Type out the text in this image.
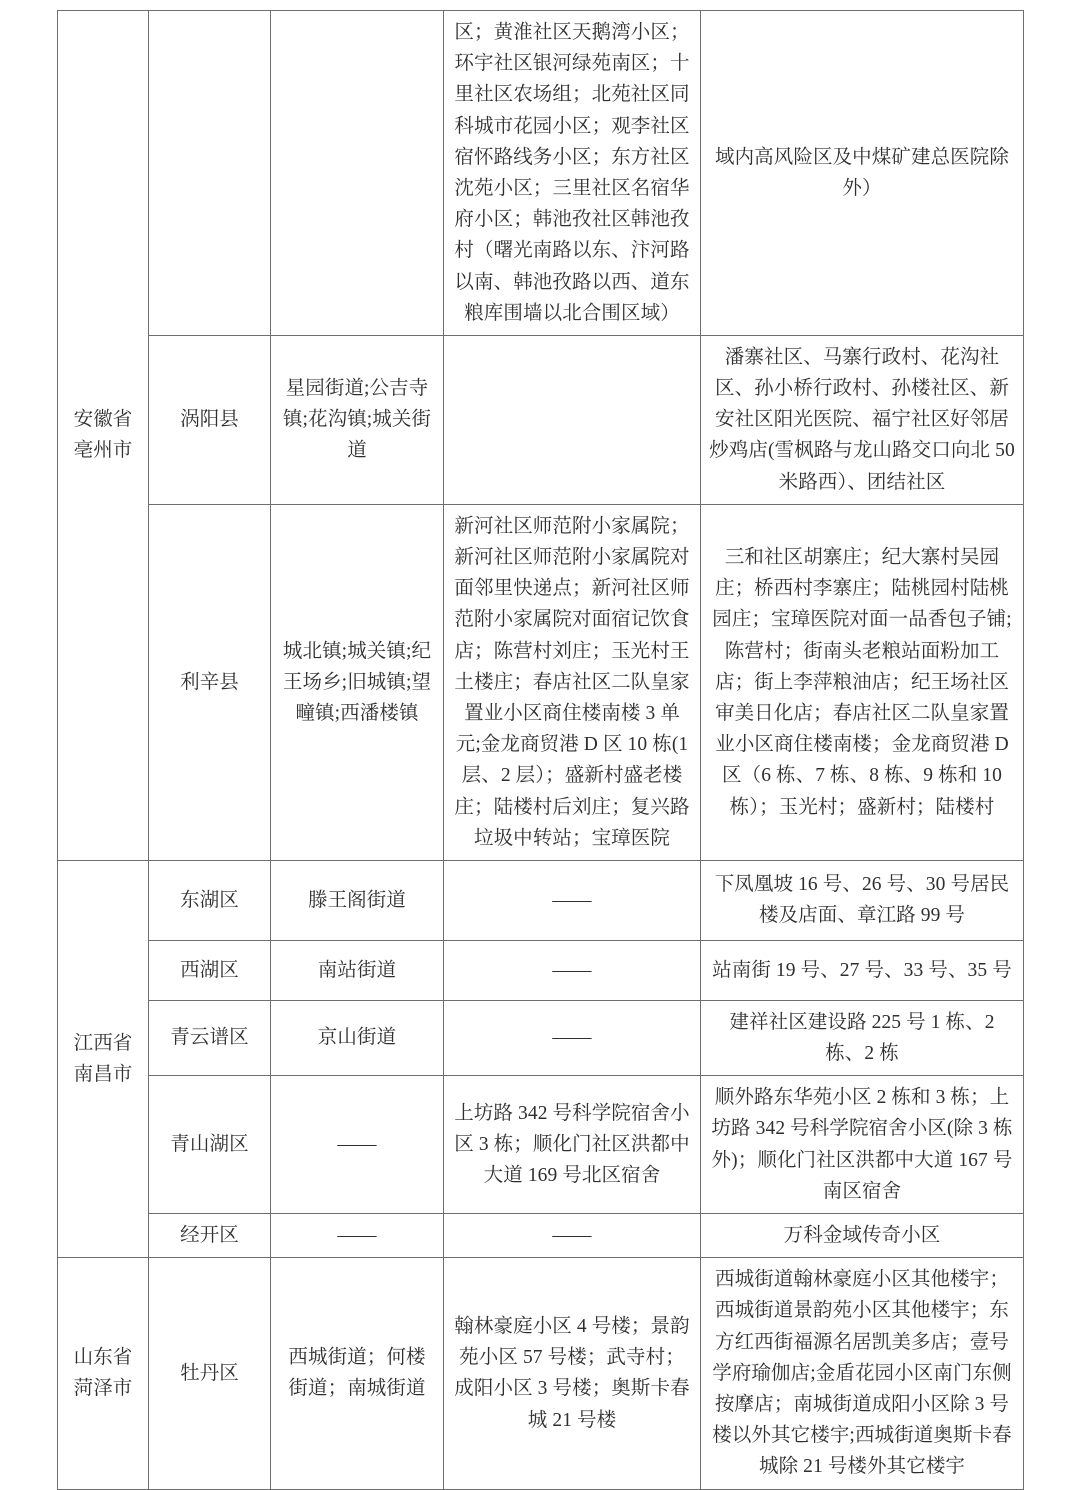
安徽省亳州市			区；黄淮社区天鹅湾小区；环宇社区银河绿苑南区；十里社区农场组；北苑社区同科城市花园小区；观李社区宿怀路线务小区；东方社区沈苑小区；三里社区名宿华府小区；韩池孜社区韩池孜村（曙光南路以东、汴河路以南、韩池孜路以西、道东粮库围墙以北合围区域）	域内高风险区及中煤矿建总医院除外）
	涡阳县	星园街道;公吉寺镇;花沟镇;城关街道		潘寨社区、马寨行政村、花沟社区、孙小桥行政村、孙楼社区、新安社区阳光医院、福宁社区好邻居炒鸡店(雪枫路与龙山路交口向北 50 米路西）、团结社区
	利辛县	城北镇;城关镇;纪王场乡;旧城镇;望疃镇;西潘楼镇	新河社区师范附小家属院；新河社区师范附小家属院对面邻里快递点；新河社区师范附小家属院对面宿记饮食店；陈营村刘庄；玉光村王土楼庄；春店社区二队皇家置业小区商住楼南楼 3 单元;金龙商贸港 D 区 10 栋(1 层、2 层）；盛新村盛老楼庄；陆楼村后刘庄；复兴路垃圾中转站；宝璋医院	三和社区胡寨庄；纪大寨村吴园庄；桥西村李寨庄；陆桃园村陆桃园庄；宝璋医院对面一品香包子铺;陈营村；街南头老粮站面粉加工店；街上李萍粮油店；纪王场社区审美日化店；春店社区二队皇家置业小区商住楼南楼；金龙商贸港 D 区（6 栋、7 栋、8 栋、9 栋和 10 栋）；玉光村；盛新村；陆楼村
江西省南昌市	东湖区	滕王阁街道	——	下凤凰坡 16 号、26 号、30 号居民楼及店面、章江路 99 号
	西湖区	南站街道	——	站南街 19 号、27 号、33 号、35 号
	青云谱区	京山街道	——	建祥社区建设路 225 号 1 栋、2 栋、2 栋
	青山湖区	——	上坊路 342 号科学院宿舍小区 3 栋；顺化门社区洪都中大道 169 号北区宿舍	顺外路东华苑小区 2 栋和 3 栋；上坊路 342 号科学院宿舍小区(除 3 栋外)；顺化门社区洪都中大道 167 号南区宿舍
	经开区	——	——	万科金域传奇小区
山东省菏泽市	牡丹区	西城街道；何楼街道；南城街道	翰林豪庭小区 4 号楼；景韵苑小区 57 号楼；武寺村；成阳小区 3 号楼；奥斯卡春城 21 号楼	西城街道翰林豪庭小区其他楼宇；西城街道景韵苑小区其他楼宇；东方红西街福源名居凯美多店；壹号学府瑜伽店;金盾花园小区南门东侧按摩店；南城街道成阳小区除 3 号楼以外其它楼宇;西城街道奥斯卡春城除 21 号楼外其它楼宇
